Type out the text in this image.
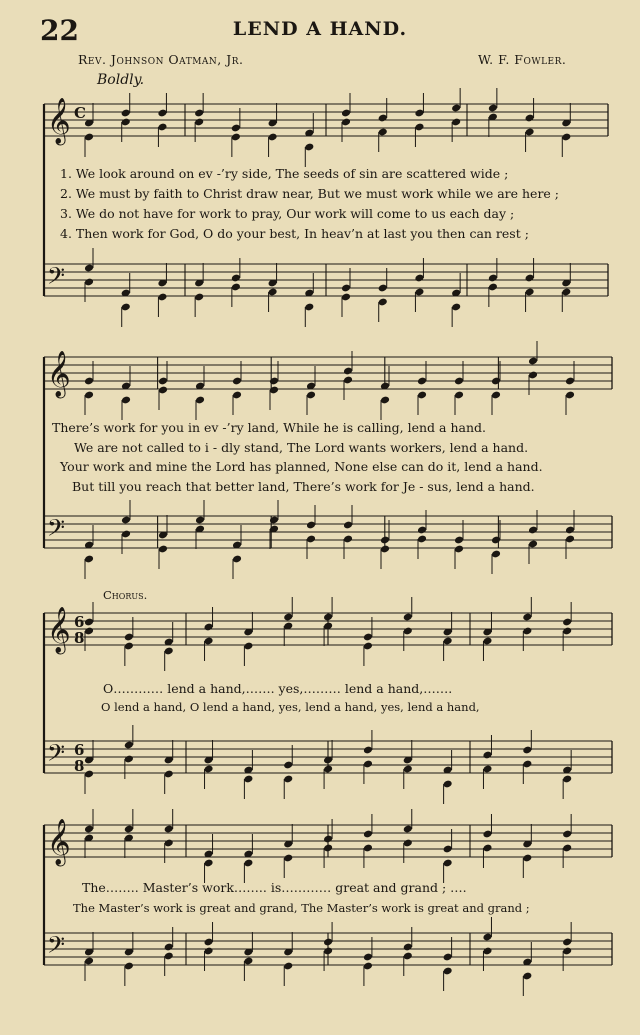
22	LEND A HAND.
Rev. Johnson Oatman, Jr.	W. F. Fowler.
Boldly.
Chorus.
𝄞 C
𝄢
𝄞
𝄢
𝄞 6
8
𝄢 6
8
𝄞
𝄢
1. We look around on ev -’ry side, The seeds of sin are scattered wide ;
2. We must by faith to Christ draw near, But we must work while we are here ;
3. We do not have for work to pray, Our work will come to us each day ;
4. Then work for God, O do your best, In heav’n at last you then can rest ;
There’s work for you in ev -’ry land, While he is calling, lend a hand.
We are not called to i - dly stand, The Lord wants workers, lend a hand.
Your work and mine the Lord has planned, None else can do it, lend a hand.
But till you reach that better land, There’s work for Je - sus, lend a hand.
O………… lend a hand,……. yes,……… lend a hand,…….
O lend a hand, O lend a hand, yes, lend a hand, yes, lend a hand,
The…….. Master’s work…….. is………… great and grand ; ….
The Master’s work is great and grand, The Master’s work is great and grand ;
